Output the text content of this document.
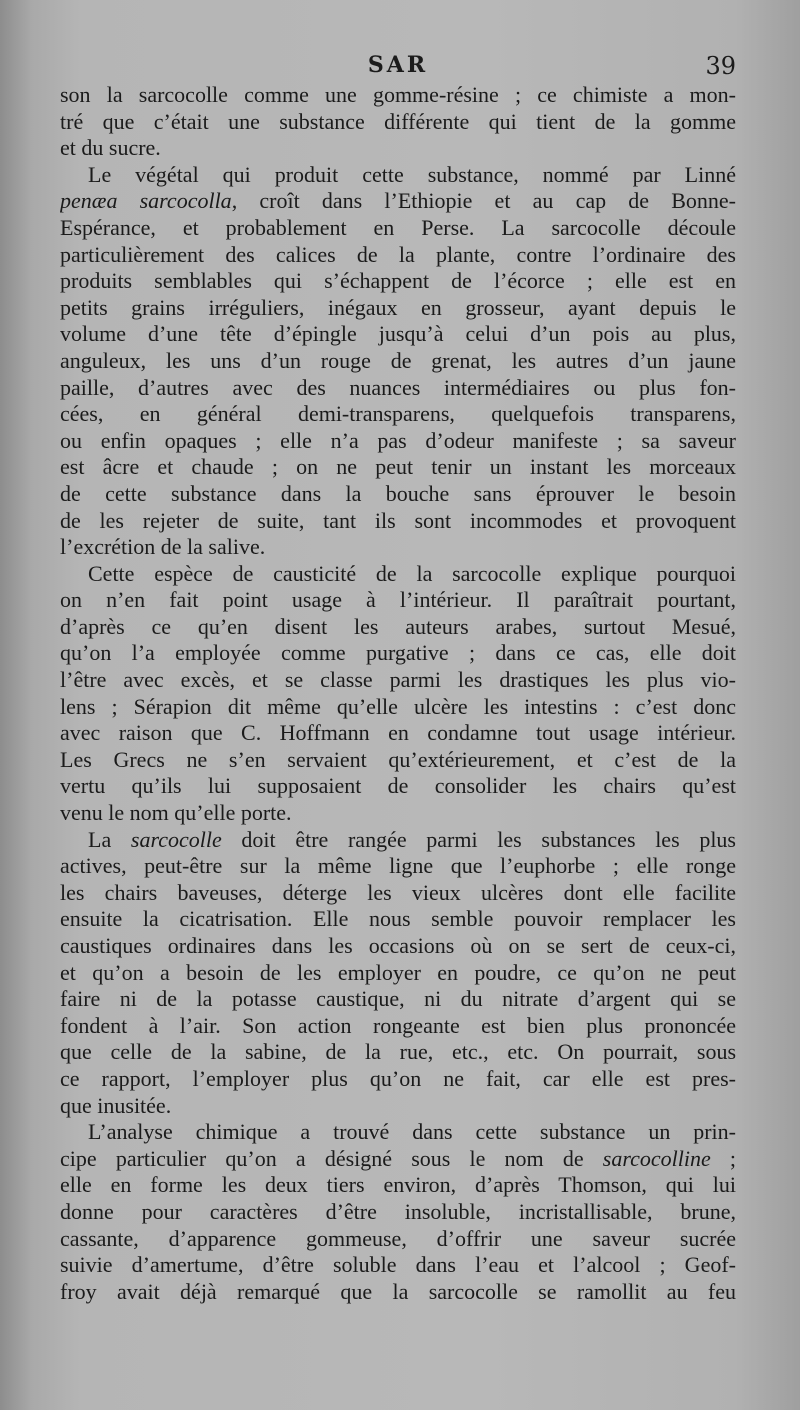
SAR	39
son la sarcocolle comme une gomme-résine ; ce chimiste a mon-
tré que c’était une substance différente qui tient de la gomme
et du sucre.
Le végétal qui produit cette substance, nommé par Linné
penæa sarcocolla, croît dans l’Ethiopie et au cap de Bonne-
Espérance, et probablement en Perse. La sarcocolle découle
particulièrement des calices de la plante, contre l’ordinaire des
produits semblables qui s’échappent de l’écorce ; elle est en
petits grains irréguliers, inégaux en grosseur, ayant depuis le
volume d’une tête d’épingle jusqu’à celui d’un pois au plus,
anguleux, les uns d’un rouge de grenat, les autres d’un jaune
paille, d’autres avec des nuances intermédiaires ou plus fon-
cées, en général demi-transparens, quelquefois transparens,
ou enfin opaques ; elle n’a pas d’odeur manifeste ; sa saveur
est âcre et chaude ; on ne peut tenir un instant les morceaux
de cette substance dans la bouche sans éprouver le besoin
de les rejeter de suite, tant ils sont incommodes et provoquent
l’excrétion de la salive.
Cette espèce de causticité de la sarcocolle explique pourquoi
on n’en fait point usage à l’intérieur. Il paraîtrait pourtant,
d’après ce qu’en disent les auteurs arabes, surtout Mesué,
qu’on l’a employée comme purgative ; dans ce cas, elle doit
l’être avec excès, et se classe parmi les drastiques les plus vio-
lens ; Sérapion dit même qu’elle ulcère les intestins : c’est donc
avec raison que C. Hoffmann en condamne tout usage intérieur.
Les Grecs ne s’en servaient qu’extérieurement, et c’est de la
vertu qu’ils lui supposaient de consolider les chairs qu’est
venu le nom qu’elle porte.
La sarcocolle doit être rangée parmi les substances les plus
actives, peut-être sur la même ligne que l’euphorbe ; elle ronge
les chairs baveuses, déterge les vieux ulcères dont elle facilite
ensuite la cicatrisation. Elle nous semble pouvoir remplacer les
caustiques ordinaires dans les occasions où on se sert de ceux-ci,
et qu’on a besoin de les employer en poudre, ce qu’on ne peut
faire ni de la potasse caustique, ni du nitrate d’argent qui se
fondent à l’air. Son action rongeante est bien plus prononcée
que celle de la sabine, de la rue, etc., etc. On pourrait, sous
ce rapport, l’employer plus qu’on ne fait, car elle est pres-
que inusitée.
L’analyse chimique a trouvé dans cette substance un prin-
cipe particulier qu’on a désigné sous le nom de sarcocolline ;
elle en forme les deux tiers environ, d’après Thomson, qui lui
donne pour caractères d’être insoluble, incristallisable, brune,
cassante, d’apparence gommeuse, d’offrir une saveur sucrée
suivie d’amertume, d’être soluble dans l’eau et l’alcool ; Geof-
froy avait déjà remarqué que la sarcocolle se ramollit au feu
